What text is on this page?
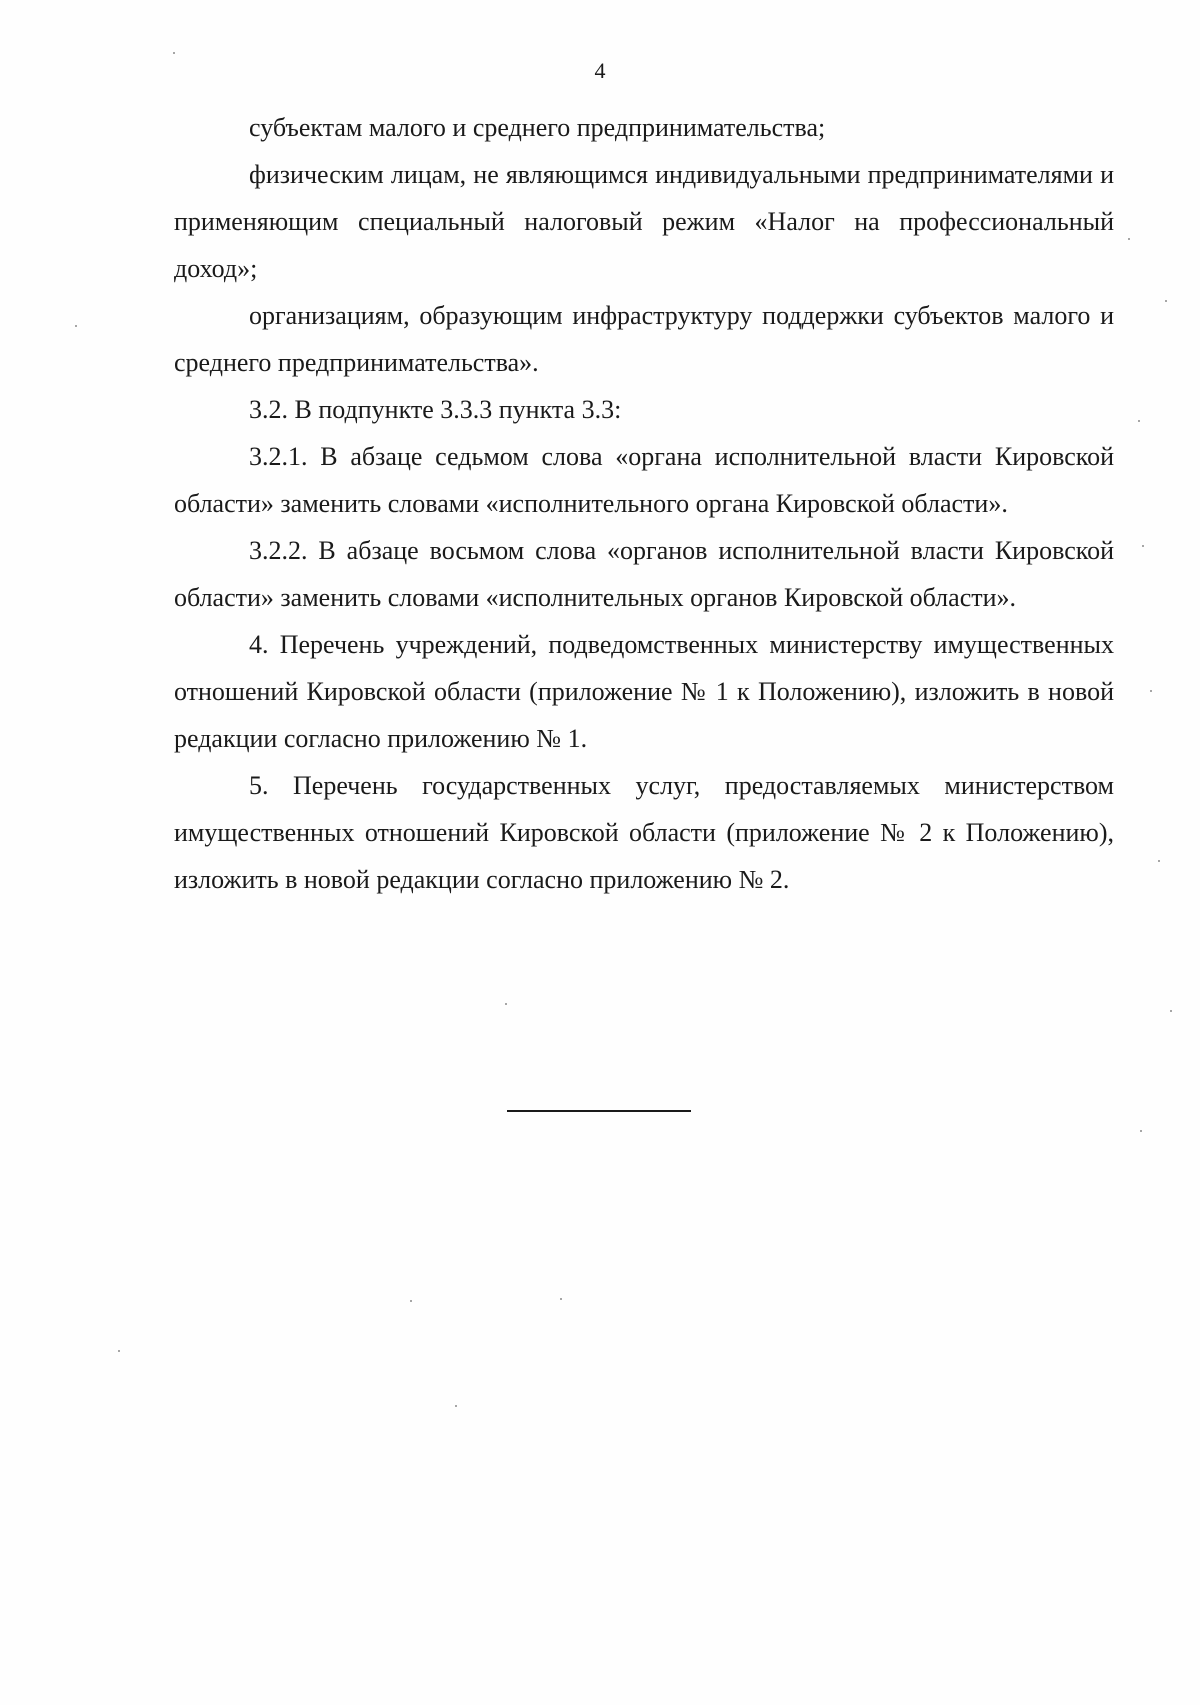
4

субъектам малого и среднего предпринимательства;

физическим лицам, не являющимся индивидуальными предпринимателями и применяющим специальный налоговый режим «Налог на профессиональный доход»;

организациям, образующим инфраструктуру поддержки субъектов малого и среднего предпринимательства».

3.2. В подпункте 3.3.3 пункта 3.3:

3.2.1. В абзаце седьмом слова «органа исполнительной власти Кировской области» заменить словами «исполнительного органа Кировской области».

3.2.2. В абзаце восьмом слова «органов исполнительной власти Кировской области» заменить словами «исполнительных органов Кировской области».

4. Перечень учреждений, подведомственных министерству имущественных отношений Кировской области (приложение № 1 к Положению), изложить в новой редакции согласно приложению № 1.

5. Перечень государственных услуг, предоставляемых министерством имущественных отношений Кировской области (приложение № 2 к Положению), изложить в новой редакции согласно приложению № 2.
